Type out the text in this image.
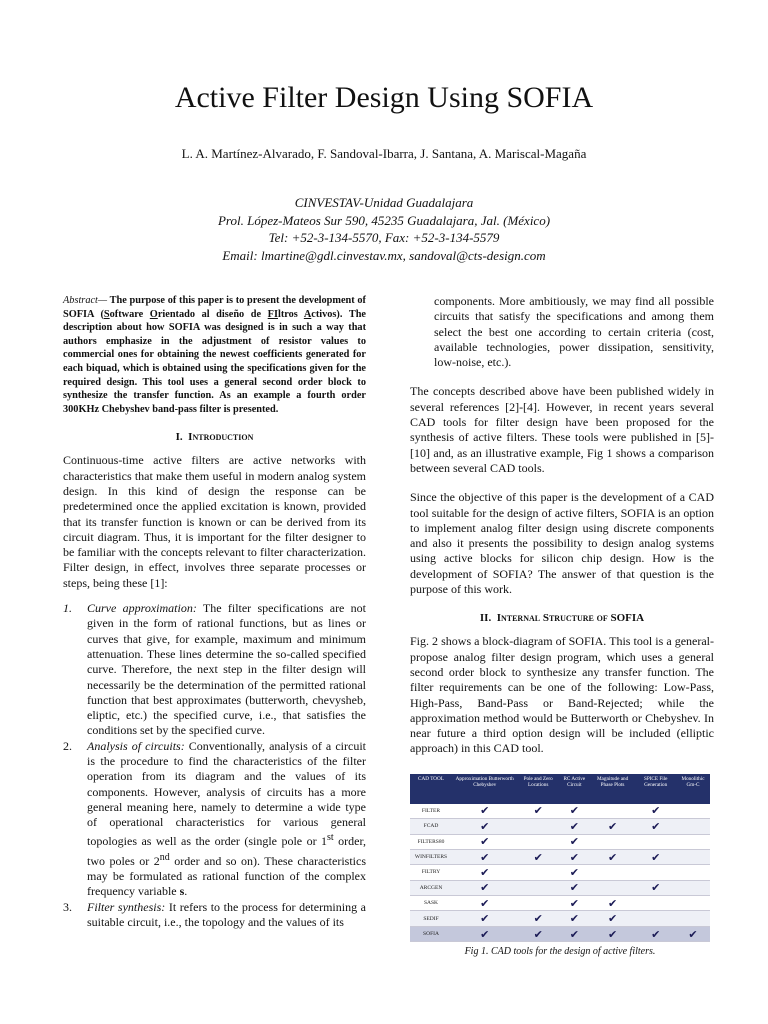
Active Filter Design Using SOFIA
L. A. Martínez-Alvarado, F. Sandoval-Ibarra, J. Santana, A. Mariscal-Magaña
CINVESTAV-Unidad Guadalajara
Prol. López-Mateos Sur 590, 45235 Guadalajara, Jal. (México)
Tel: +52-3-134-5570, Fax: +52-3-134-5579
Email: lmartine@gdl.cinvestav.mx, sandoval@cts-design.com

Abstract— The purpose of this paper is to present the development of SOFIA (Software Orientado al diseño de FIltros Activos). The description about how SOFIA was designed is in such a way that authors emphasize in the adjustment of resistor values to commercial ones for obtaining the newest coefficients generated for each biquad, which is obtained using the specifications given for the required design. This tool uses a general second order block to synthesize the transfer function. As an example a fourth order 300KHz Chebyshev band-pass filter is presented.

I. Introduction

Continuous-time active filters are active networks with characteristics that make them useful in modern analog system design. In this kind of design the response can be predetermined once the applied excitation is known, provided that its transfer function is known or can be derived from its circuit diagram. Thus, it is important for the filter designer to be familiar with the concepts relevant to filter characterization. Filter design, in effect, involves three separate processes or steps, being these [1]:

1. Curve approximation: The filter specifications are not given in the form of rational functions, but as lines or curves that give, for example, maximum and minimum attenuation. These lines determine the so-called specified curve. Therefore, the next step in the filter design will necessarily be the determination of the permitted rational function that best approximates (butterworth, chevysheb, eliptic, etc.) the specified curve, i.e., that satisfies the conditions set by the specified curve.
2. Analysis of circuits: Conventionally, analysis of a circuit is the procedure to find the characteristics of the filter operation from its diagram and the values of its components. However, analysis of circuits has a more general meaning here, namely to determine a wide type of operational characteristics for various general topologies as well as the order (single pole or 1st order, two poles or 2nd order and so on). These characteristics may be formulated as rational function of the complex frequency variable s.
3. Filter synthesis: It refers to the process for determining a suitable circuit, i.e., the topology and the values of its

components. More ambitiously, we may find all possible circuits that satisfy the specifications and among them select the best one according to certain criteria (cost, available technologies, power dissipation, sensitivity, low-noise, etc.).

The concepts described above have been published widely in several references [2]-[4]. However, in recent years several CAD tools for filter design have been proposed for the synthesis of active filters. These tools were published in [5]-[10] and, as an illustrative example, Fig 1 shows a comparison between several CAD tools.

Since the objective of this paper is the development of a CAD tool suitable for the design of active filters, SOFIA is an option to implement analog filter design using discrete components and also it presents the possibility to design analog systems using active blocks for silicon chip design. How is the development of SOFIA? The answer of that question is the purpose of this work.

II. Internal Structure of SOFIA

Fig. 2 shows a block-diagram of SOFIA. This tool is a general-propose analog filter design program, which uses a general second order block to synthesize any transfer function. The filter requirements can be one of the following: Low-Pass, High-Pass, Band-Pass or Band-Rejected; while the approximation method would be Butterworth or Chebyshev. In near future a third option design will be included (elliptic approach) in this CAD tool.

CAD TOOL	Approximation Butterworth Chebyshev	Pole and Zero Locations	RC Active Circuit	Magnitude and Phase Plots	SPICE File Generation	Monolithic Gm-C
FILTER	✔	✔	✔		✔	
FCAD	✔		✔	✔	✔	
FILTERS80	✔		✔			
WINFILTERS	✔	✔	✔	✔	✔	
FILTRY	✔		✔			
ARCGEN	✔		✔		✔	
SASK	✔		✔	✔		
SEDIF	✔	✔	✔	✔		
SOFIA	✔	✔	✔	✔	✔	✔
Fig 1. CAD tools for the design of active filters.
